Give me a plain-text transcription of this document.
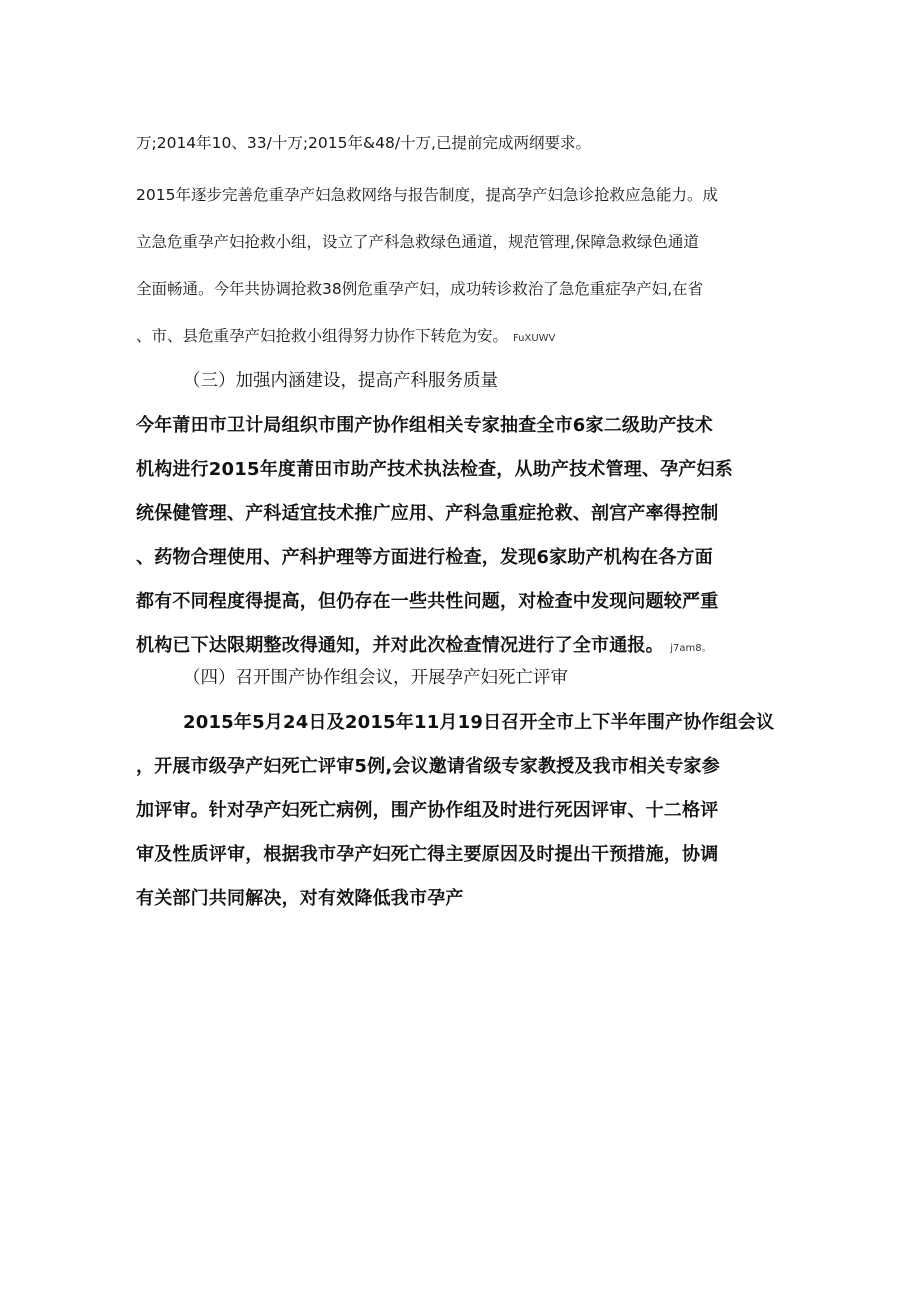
万;2014年10、33/十万;2015年&48/十万,已提前完成两纲要求。

2015年逐步完善危重孕产妇急救网络与报告制度，提高孕产妇急诊抢救应急能力。成

立急危重孕产妇抢救小组，设立了产科急救绿色通道，规范管理,保障急救绿色通道

全面畅通。今年共协调抢救38例危重孕产妇，成功转诊救治了急危重症孕产妇,在省

、市、县危重孕产妇抢救小组得努力协作下转危为安。 FuXUWV

（三）加强内涵建设，提高产科服务质量

今年莆田市卫计局组织市围产协作组相关专家抽查全市6家二级助产技术

机构进行2015年度莆田市助产技术执法检查，从助产技术管理、孕产妇系

统保健管理、产科适宜技术推广应用、产科急重症抢救、剖宫产率得控制

、药物合理使用、产科护理等方面进行检查，发现6家助产机构在各方面

都有不同程度得提高，但仍存在一些共性问题，对检查中发现问题较严重

机构已下达限期整改得通知，并对此次检查情况进行了全市通报。 j7am8。

（四）召开围产协作组会议，开展孕产妇死亡评审

2015年5月24日及2015年11月19日召开全市上下半年围产协作组会议

，开展市级孕产妇死亡评审5例,会议邀请省级专家教授及我市相关专家参

加评审。针对孕产妇死亡病例，围产协作组及时进行死因评审、十二格评

审及性质评审，根据我市孕产妇死亡得主要原因及时提出干预措施，协调

有关部门共同解决，对有效降低我市孕产
